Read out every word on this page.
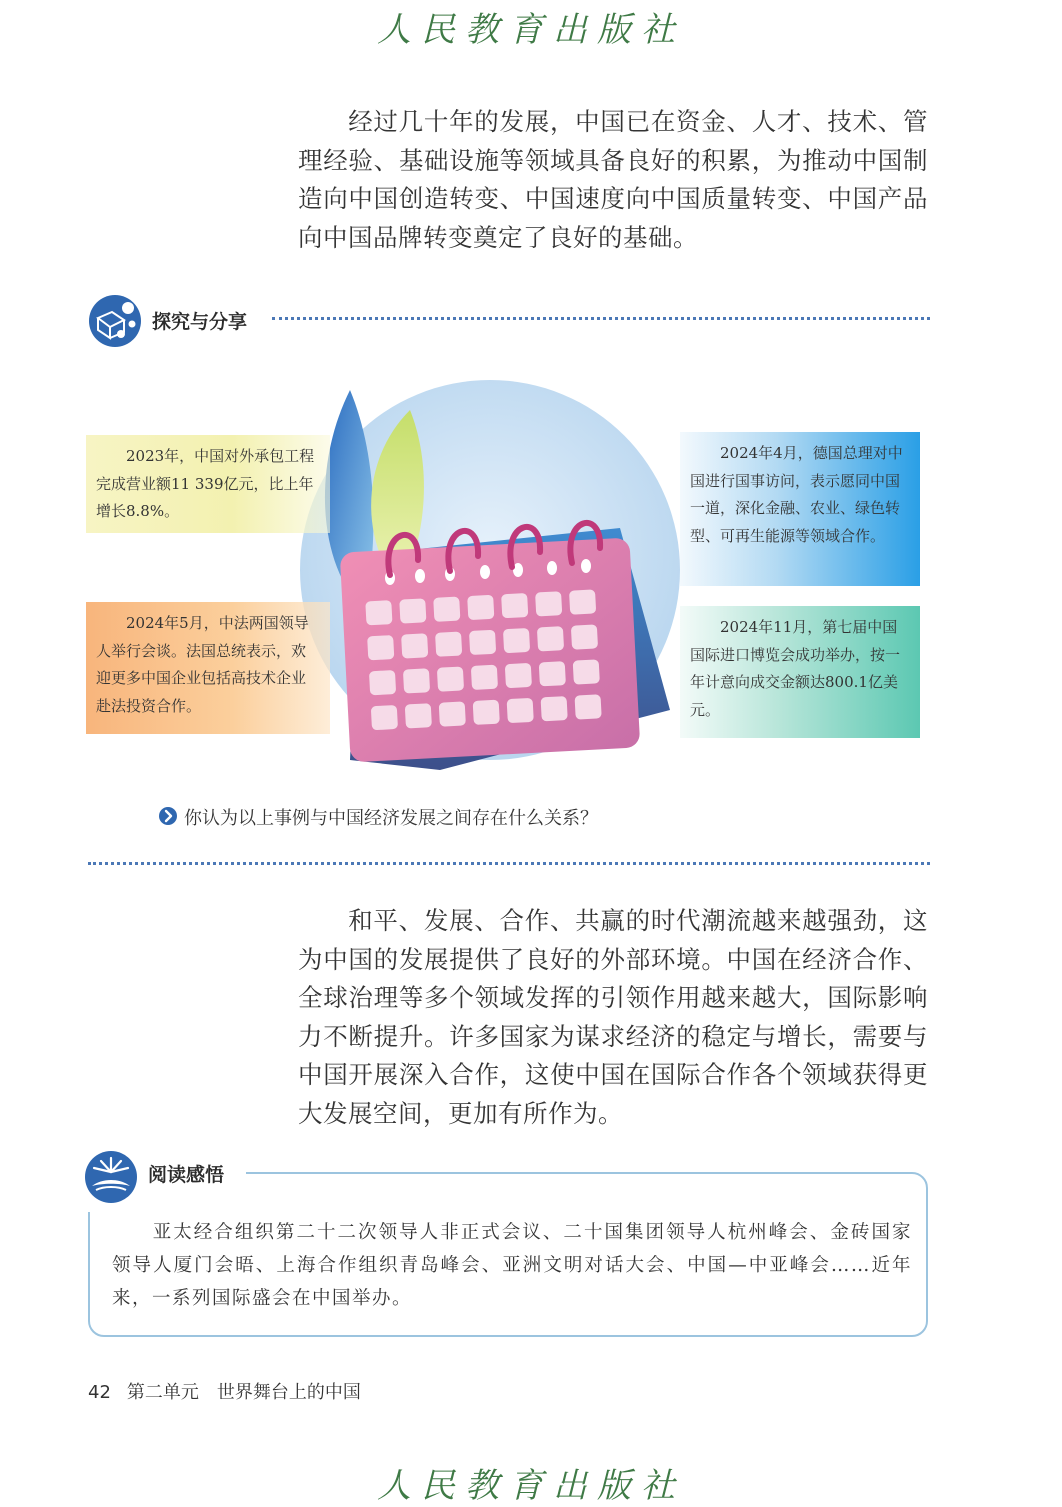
人民教育出版社
经过几十年的发展，中国已在资金、人才、技术、管理经验、基础设施等领域具备良好的积累，为推动中国制造向中国创造转变、中国速度向中国质量转变、中国产品向中国品牌转变奠定了良好的基础。
探究与分享

2023年，中国对外承包工程完成营业额11 339亿元，比上年增长8.8%。

2024年5月，中法两国领导人举行会谈。法国总统表示，欢迎更多中国企业包括高技术企业赴法投资合作。

2024年4月，德国总理对中国进行国事访问，表示愿同中国一道，深化金融、农业、绿色转型、可再生能源等领域合作。

2024年11月，第七届中国国际进口博览会成功举办，按一年计意向成交金额达800.1亿美元。

你认为以上事例与中国经济发展之间存在什么关系？
和平、发展、合作、共赢的时代潮流越来越强劲，这为中国的发展提供了良好的外部环境。中国在经济合作、全球治理等多个领域发挥的引领作用越来越大，国际影响力不断提升。许多国家为谋求经济的稳定与增长，需要与中国开展深入合作，这使中国在国际合作各个领域获得更大发展空间，更加有所作为。
亚太经合组织第二十二次领导人非正式会议、二十国集团领导人杭州峰会、金砖国家领导人厦门会晤、上海合作组织青岛峰会、亚洲文明对话大会、中国—中亚峰会……近年来，一系列国际盛会在中国举办。
阅读感悟
42 第二单元 世界舞台上的中国
人民教育出版社
